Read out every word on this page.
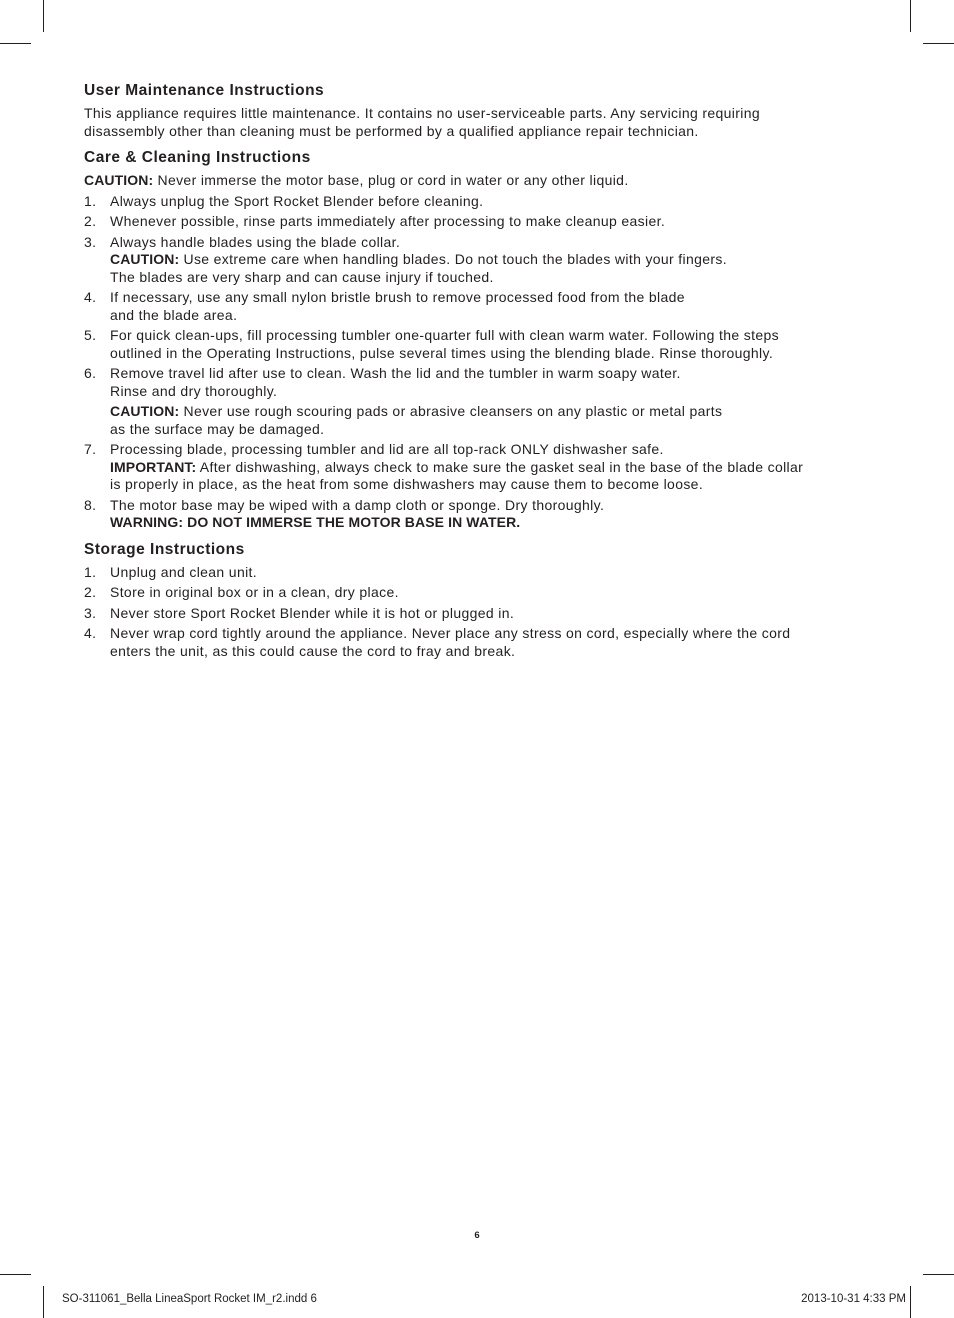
User Maintenance Instructions

This appliance requires little maintenance. It contains no user-serviceable parts. Any servicing requiring
disassembly other than cleaning must be performed by a qualified appliance repair technician.

Care & Cleaning Instructions

CAUTION: Never immerse the motor base, plug or cord in water or any other liquid.

1. Always unplug the Sport Rocket Blender before cleaning.
2. Whenever possible, rinse parts immediately after processing to make cleanup easier.
3. Always handle blades using the blade collar.
CAUTION: Use extreme care when handling blades. Do not touch the blades with your fingers.
The blades are very sharp and can cause injury if touched.
4. If necessary, use any small nylon bristle brush to remove processed food from the blade
and the blade area.
5. For quick clean-ups, fill processing tumbler one-quarter full with clean warm water. Following the steps
outlined in the Operating Instructions, pulse several times using the blending blade. Rinse thoroughly.
6. Remove travel lid after use to clean. Wash the lid and the tumbler in warm soapy water.
Rinse and dry thoroughly.
CAUTION: Never use rough scouring pads or abrasive cleansers on any plastic or metal parts
as the surface may be damaged.
7. Processing blade, processing tumbler and lid are all top-rack ONLY dishwasher safe.
IMPORTANT: After dishwashing, always check to make sure the gasket seal in the base of the blade collar
is properly in place, as the heat from some dishwashers may cause them to become loose.
8. The motor base may be wiped with a damp cloth or sponge. Dry thoroughly.
WARNING: DO NOT IMMERSE THE MOTOR BASE IN WATER.
Storage Instructions
1. Unplug and clean unit.
2. Store in original box or in a clean, dry place.
3. Never store Sport Rocket Blender while it is hot or plugged in.
4. Never wrap cord tightly around the appliance. Never place any stress on cord, especially where the cord
enters the unit, as this could cause the cord to fray and break.
6
SO-311061_Bella LineaSport Rocket IM_r2.indd 6	2013-10-31 4:33 PM
